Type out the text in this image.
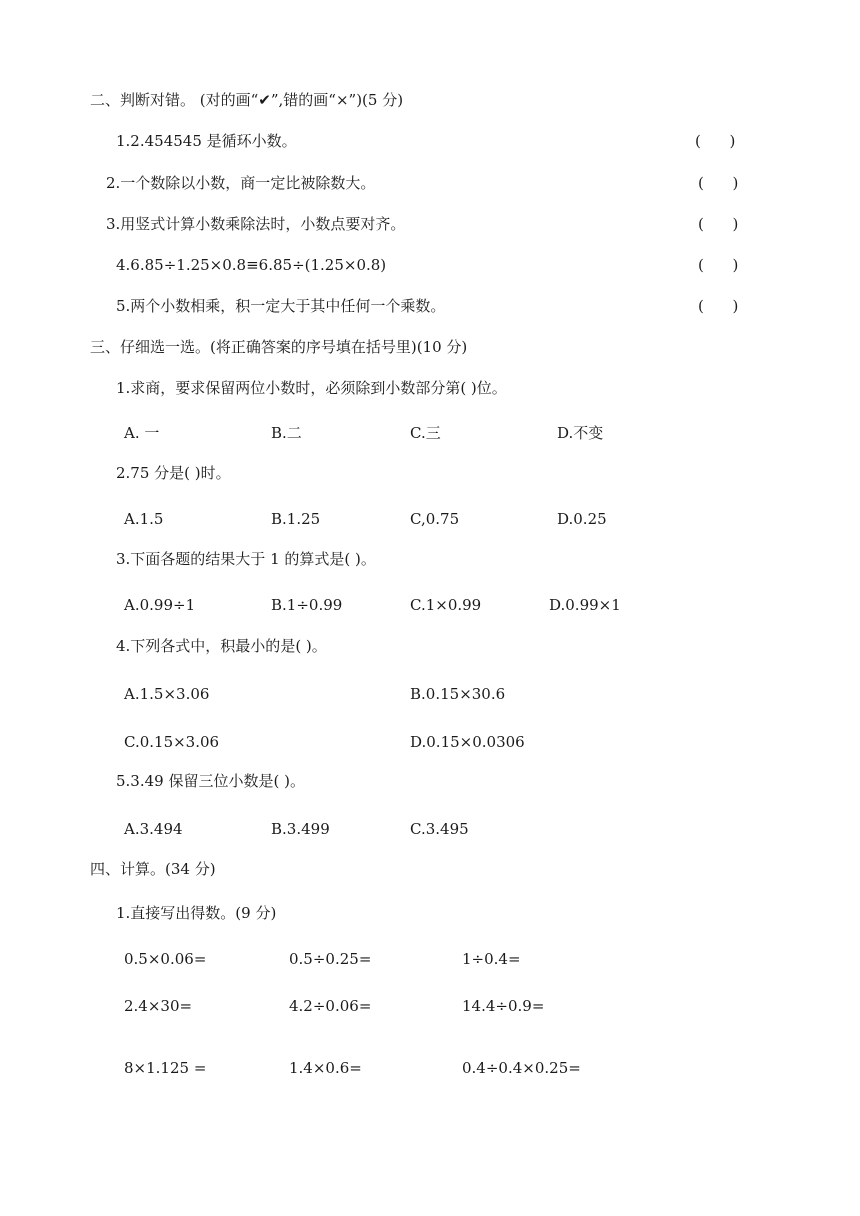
二、判断对错。 (对的画“✔”,错的画“×”)(5 分)
1.2.454545 是循环小数。	(      )
2.一个数除以小数，商一定比被除数大。	(      )
3.用竖式计算小数乘除法时，小数点要对齐。	(      )
4.6.85÷1.25×0.8≡6.85÷(1.25×0.8)	(      )
5.两个小数相乘，积一定大于其中任何一个乘数。	(      )
三、仔细选一选。(将正确答案的序号填在括号里)(10 分)
1.求商，要求保留两位小数时，必须除到小数部分第( )位。
A. 一	B.二	C.三	D.不变
2.75 分是( )时。
A.1.5	B.1.25	C,0.75	D.0.25
3.下面各题的结果大于 1 的算式是( )。
A.0.99÷1	B.1÷0.99	C.1×0.99	D.0.99×1
4.下列各式中，积最小的是( )。
A.1.5×3.06	B.0.15×30.6
C.0.15×3.06	D.0.15×0.0306
5.3.49 保留三位小数是( )。
A.3.494	B.3.499	C.3.495
四、计算。(34 分)
1.直接写出得数。(9 分)
0.5×0.06=	0.5÷0.25=	1÷0.4=
2.4×30=	4.2÷0.06=	14.4÷0.9=
8×1.125 =	1.4×0.6=	0.4÷0.4×0.25=
